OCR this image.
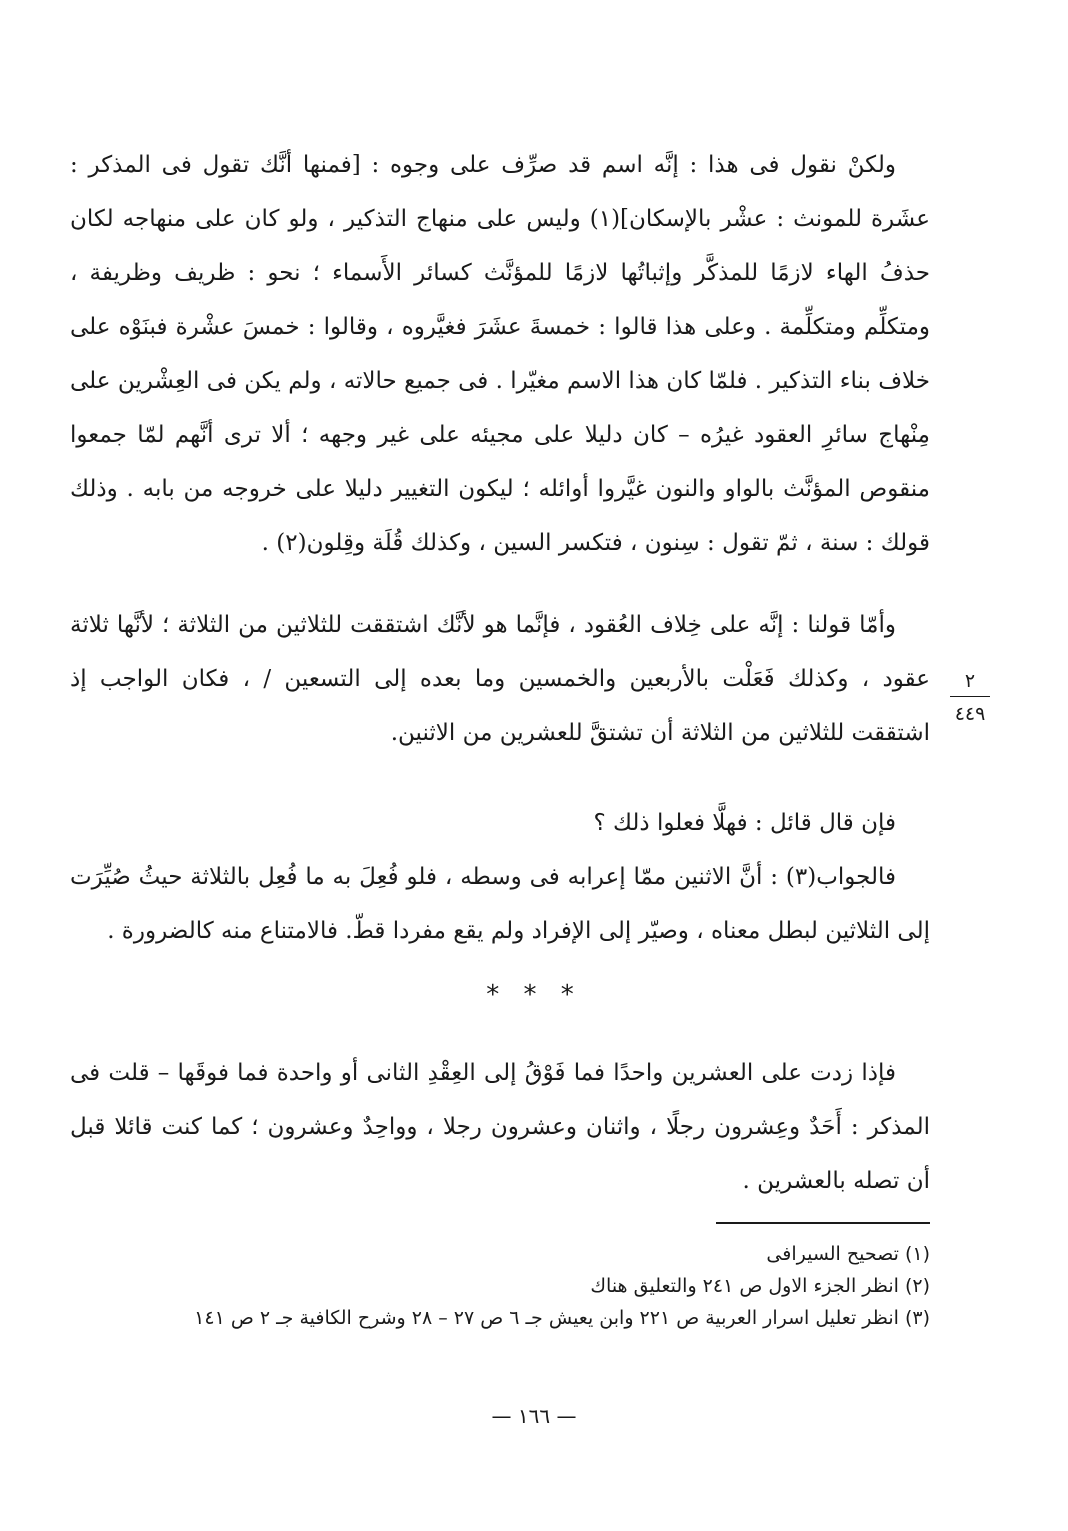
ولكنْ نقول فى هذا : إنَّه اسم قد صرِّف على وجوه : [فمنها أنَّك تقول فى المذكر : عشَرة للمونث : عشْر بالإسكان](١) وليس على منهاج التذكير ، ولو كان على منهاجه لكان حذفُ الهاء لازمًا للمذكَّر وإثباتُها لازمًا للمؤنَّث كسائر الأَسماء ؛ نحو : ظريف وظريفة ، ومتكلِّم ومتكلِّمة . وعلى هذا قالوا : خمسةَ عشَرَ فغيَّروه ، وقالوا : خمسَ عشْرة فبنَوْه على خلاف بناء التذكير . فلمّا كان هذا الاسم مغيّرا . فى جميع حالاته ، ولم يكن فى العِشْرين على مِنْهاج سائرِ العقود غيرُه – كان دليلا على مجيئه على غير وجهه ؛ ألا ترى أنَّهم لمّا جمعوا منقوص المؤنَّث بالواو والنون غيَّروا أوائله ؛ ليكون التغيير دليلا على خروجه من بابه . وذلك قولك : سنة ، ثمّ تقول : سِنون ، فتكسر السين ، وكذلك قُلَة وقِلون(٢) .

وأمّا قولنا : إنَّه على خِلاف العُقود ، فإنَّما هو لأنَّك اشتققت للثلاثين من الثلاثة ؛ لأنَّها ثلاثة عقود ، وكذلك فَعَلْت بالأربعين والخمسين وما بعده إلى التسعين / ، فكان الواجب إذ اشتققت للثلاثين من الثلاثة أن تشتقَّ للعشرين من الاثنين.

٢
٤٤٩

فإن قال قائل : فهلَّا فعلوا ذلك ؟

فالجواب(٣) : أنَّ الاثنين ممّا إعرابه فى وسطه ، فلو فُعِلَ به ما فُعِل بالثلاثة حيثُ صُيِّرَت إلى الثلاثين لبطل معناه ، وصيّر إلى الإفراد ولم يقع مفردا قطّ. فالامتناع منه كالضرورة .

* * *

فإذا زدت على العشرين واحدًا فما فَوْقُ إلى العِقْدِ الثانى أو واحدة فما فوقَها – قلت فى المذكر : أَحَدٌ وعِشرون رجلًا ، واثنان وعشرون رجلا ، وواحِدٌ وعشرون ؛ كما كنت قائلا قبل أن تصله بالعشرين .

(١) تصحيح السيرافى
(٢) انظر الجزء الاول ص ٢٤١ والتعليق هناك
(٣) انظر تعليل اسرار العربية ص ٢٢١ وابن يعيش جـ ٦ ص ٢٧ – ٢٨ وشرح الكافية جـ ٢ ص ١٤١
— ١٦٦ —
